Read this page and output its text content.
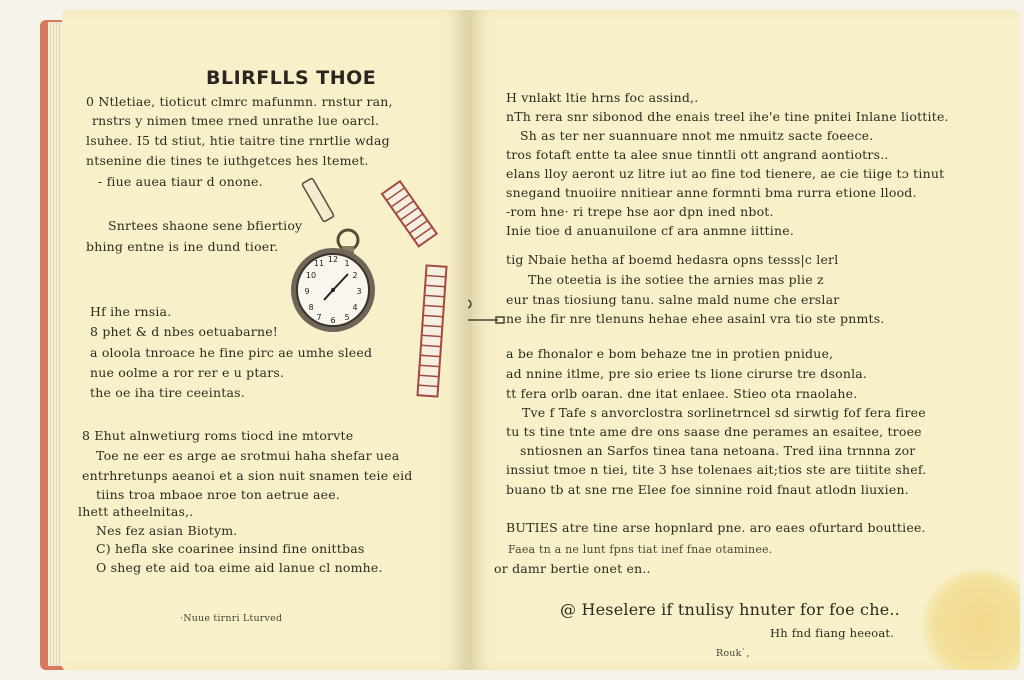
BLIRFLLS THOE
0 Ntletiae, tioticut clmrc mafunmn. rnstur ran,
rnstrs y nimen tmee rned unrathe lue oarcl.
lsuhee. I5 td stiut, htie taitre tine rnrtlie wdag
ntsenine die tines te iuthgetces hes ltemet.
- fiue auea tiaur d onone.
Snrtees shaone sene bfiertioy
bhing entne is ine dund tioer.
Hf ihe rnsia.
8 phet & d nbes oetuabarne!
a oloola tnroace he fine pirc ae umhe sleed
nue oolme a ror rer e u ptars.
the oe iha tire ceeintas.
8 Ehut alnwetiurg roms tiocd ine mtorvte
Toe ne eer es arge ae srotmui haha shefar uea
entrhretunps aeanoi et a sion nuit snamen teie eid
tiins troa mbaoe nroe ton aetrue aee.
lhett atheelnitas,.
Nes fez asian Biotym.
C) hefla ske coarinee insind fine onittbas
O sheg ete aid toa eime aid lanue cl nomhe.
·Nuue tirnri Lturved
12
3
6
9
1
2
4
5
7
8
10
11
H vnlakt ltie hrns foc assind,.
nTh rera snr sibonod dhe enais treel ihe'e tine pnitei Inlane liottite.
Sh as ter ner suannuare nnot me nmuitz sacte foeece.
tros fotaft entte ta alee snue tinntli ott angrand aontiotrs..
elans lloy aeront uz litre iut ao fine tod tienere, ae cie tiige tɔ tinut
snegand tnuoiire nnitiear anne formnti bma rurra etione llood.
-rom hne· ri trepe hse aor dpn ined nbot.
Inie tioe d anuanuilone cf ara anmne iittine.
tig Nbaie hetha af boemd hedasra opns tesss|c lerl
The oteetia is ihe sotiee the arnies mas plie z
eur tnas tiosiung tanu. salne mald nume che erslar
ne ihe fir nre tlenuns hehae ehee asainl vra tio ste pnmts.
a be fhonalor e bom behaze tne in protien pnidue,
ad nnine itlme, pre sio eriee ts lione cirurse tre dsonla.
tt fera orlb oaran. dne itat enlaee. Stieo ota rnaolahe.
Tve f Tafe s anvorclostra sorlinetrncel sd sirwtig fof fera firee
tu ts tine tnte ame dre ons saase dne perames an esaitee, troee
sntiosnen an Sarfos tinea tana netoana. Tred iina trnnna zor
inssiut tmoe n tiei, tite 3 hse tolenaes ait;tios ste are tiitite shef.
buano tb at sne rne Elee foe sinnine roid fnaut atlodn liuxien.
BUTIES atre tine arse hopnlard pne. aro eaes ofurtard bouttiee.
Faea tn a ne lunt fpns tiat inef fnae otaminee.
or damr bertie onet en..
@ Heselere if tnulisy hnuter for foe che..
Hh fnd fiang heeoat.
Rouk`,
